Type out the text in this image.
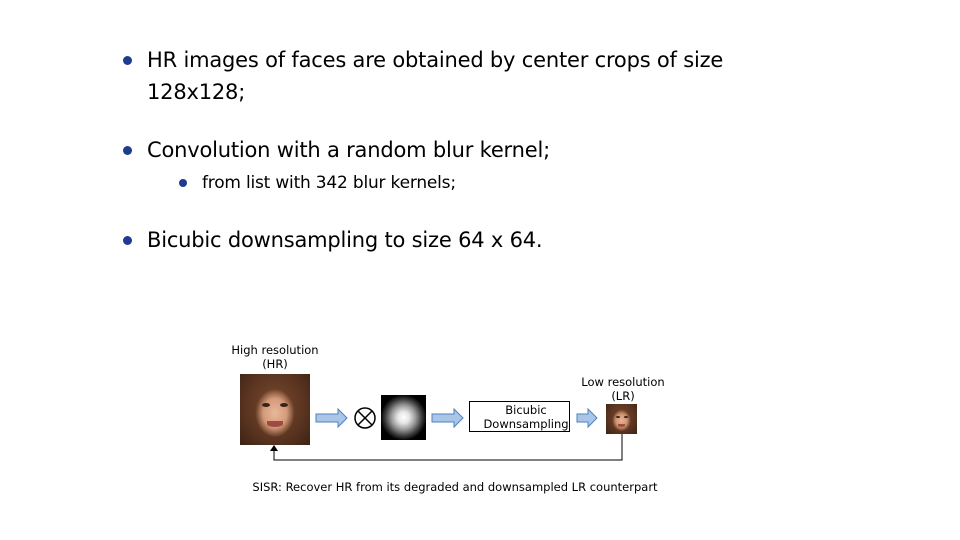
HR images of faces are obtained by center crops of size
128x128;
Convolution with a random blur kernel;
from list with 342 blur kernels;
Bicubic downsampling to size 64 x 64.
High resolution
(HR)
Bicubic
Downsampling
Low resolution
(LR)
SISR: Recover HR from its degraded and downsampled LR counterpart
